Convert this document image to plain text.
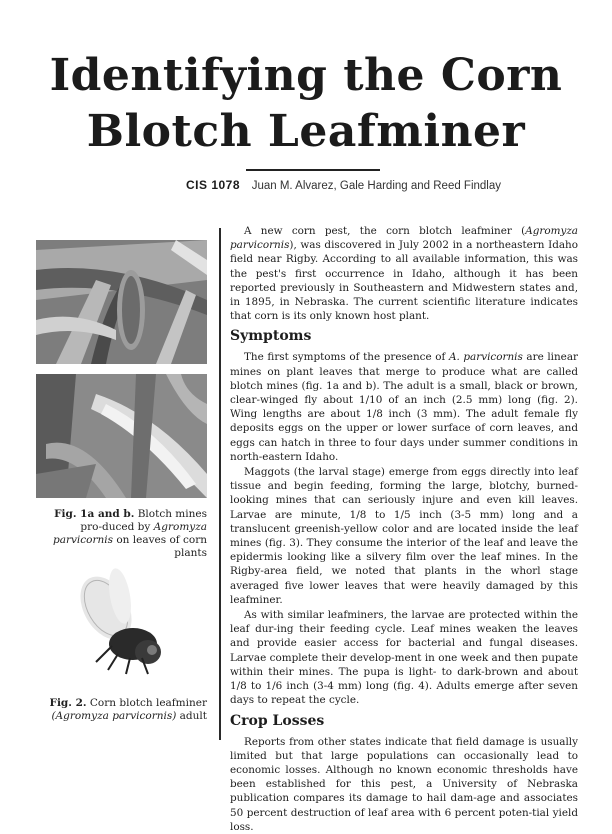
Identifying the Corn
Blotch Leafminer
CIS 1078 Juan M. Alvarez, Gale Harding and Reed Findlay
Fig. 1a and b. Blotch mines pro-duced by Agromyza parvicornis on leaves of corn plants
Fig. 2. Corn blotch leafminer
(Agromyza parvicornis) adult

A new corn pest, the corn blotch leafminer (Agromyza parvicornis), was discovered in July 2002 in a northeastern Idaho field near Rigby. According to all available information, this was the pest's first occurrence in Idaho, although it has been reported previously in Southeastern and Midwestern states and, in 1895, in Nebraska. The current scientific literature indicates that corn is its only known host plant.

Symptoms

The first symptoms of the presence of A. parvicornis are linear mines on plant leaves that merge to produce what are called blotch mines (fig. 1a and b). The adult is a small, black or brown, clear-winged fly about 1/10 of an inch (2.5 mm) long (fig. 2). Wing lengths are about 1/8 inch (3 mm). The adult female fly deposits eggs on the upper or lower surface of corn leaves, and eggs can hatch in three to four days under summer conditions in north-eastern Idaho.

Maggots (the larval stage) emerge from eggs directly into leaf tissue and begin feeding, forming the large, blotchy, burned-looking mines that can seriously injure and even kill leaves. Larvae are minute, 1/8 to 1/5 inch (3-5 mm) long and a translucent greenish-yellow color and are located inside the leaf mines (fig. 3). They consume the interior of the leaf and leave the epidermis looking like a silvery film over the leaf mines. In the Rigby-area field, we noted that plants in the whorl stage averaged five lower leaves that were heavily damaged by this leafminer.

As with similar leafminers, the larvae are protected within the leaf dur-ing their feeding cycle. Leaf mines weaken the leaves and provide easier access for bacterial and fungal diseases. Larvae complete their develop-ment in one week and then pupate within their mines. The pupa is light- to dark-brown and about 1/8 to 1/6 inch (3-4 mm) long (fig. 4). Adults emerge after seven days to repeat the cycle.

Crop Losses

Reports from other states indicate that field damage is usually limited but that large populations can occasionally lead to economic losses. Although no known economic thresholds have been established for this pest, a University of Nebraska publication compares its damage to hail dam-age and associates 50 percent destruction of leaf area with 6 percent poten-tial yield loss.
